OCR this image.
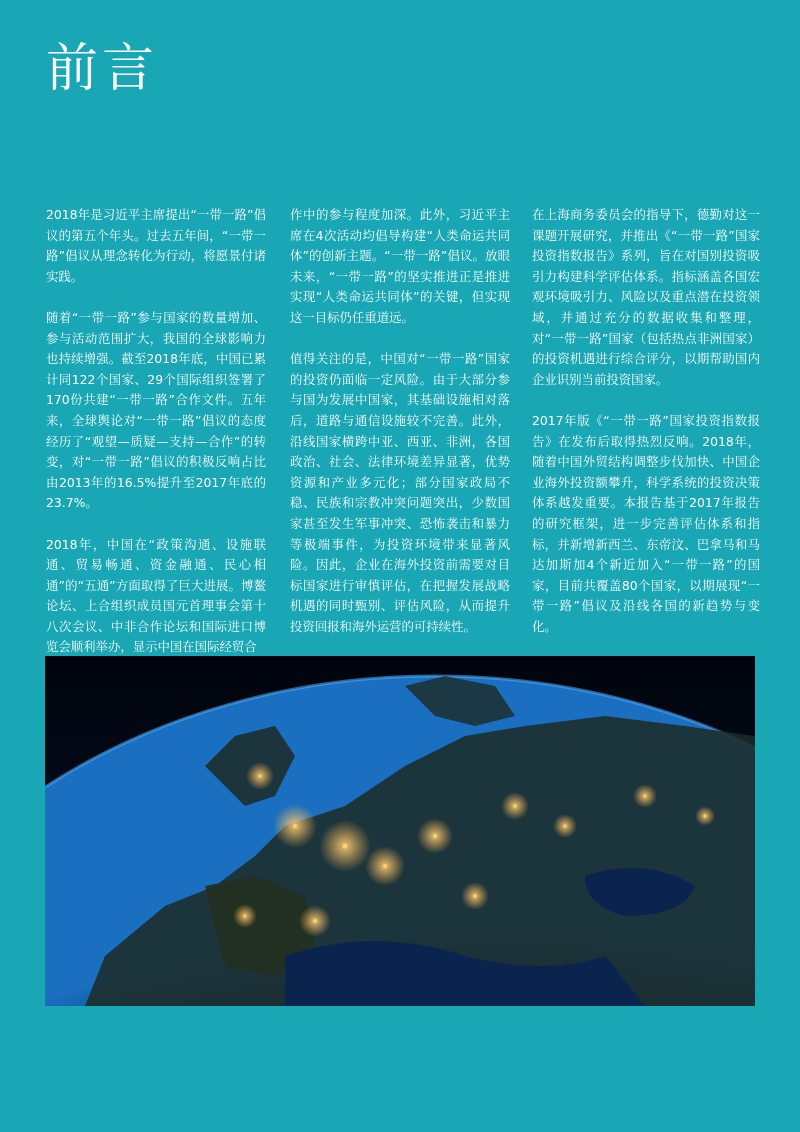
前言

2018年是习近平主席提出“一带一路”倡议的第五个年头。过去五年间，“一带一路”倡议从理念转化为行动，将愿景付诸实践。

随着“一带一路”参与国家的数量增加、参与活动范围扩大，我国的全球影响力也持续增强。截至2018年底，中国已累计同122个国家、29个国际组织签署了170份共建“一带一路”合作文件。五年来，全球舆论对“一带一路”倡议的态度经历了“观望—质疑—支持—合作”的转变，对“一带一路”倡议的积极反响占比由2013年的16.5%提升至2017年底的23.7%。

2018年，中国在“政策沟通、设施联通、贸易畅通、资金融通、民心相通”的“五通”方面取得了巨大进展。博鳌论坛、上合组织成员国元首理事会第十八次会议、中非合作论坛和国际进口博览会顺利举办，显示中国在国际经贸合

作中的参与程度加深。此外，习近平主席在4次活动均倡导构建“人类命运共同体”的创新主题。“一带一路”倡议。放眼未来，“一带一路”的坚实推进正是推进实现“人类命运共同体”的关键，但实现这一目标仍任重道远。

值得关注的是，中国对“一带一路”国家的投资仍面临一定风险。由于大部分参与国为发展中国家，其基础设施相对落后，道路与通信设施较不完善。此外，沿线国家横跨中亚、西亚、非洲，各国政治、社会、法律环境差异显著，优势资源和产业多元化；部分国家政局不稳、民族和宗教冲突问题突出，少数国家甚至发生军事冲突、恐怖袭击和暴力等极端事件，为投资环境带来显著风险。因此，企业在海外投资前需要对目标国家进行审慎评估，在把握发展战略机遇的同时甄别、评估风险，从而提升投资回报和海外运营的可持续性。

在上海商务委员会的指导下，德勤对这一课题开展研究，并推出《“一带一路”国家投资指数报告》系列，旨在对国别投资吸引力构建科学评估体系。指标涵盖各国宏观环境吸引力、风险以及重点潜在投资领域，并通过充分的数据收集和整理，对“一带一路”国家（包括热点非洲国家）的投资机遇进行综合评分，以期帮助国内企业识别当前投资国家。

2017年版《“一带一路”国家投资指数报告》在发布后取得热烈反响。2018年，随着中国外贸结构调整步伐加快、中国企业海外投资额攀升，科学系统的投资决策体系越发重要。本报告基于2017年报告的研究框架，进一步完善评估体系和指标，并新增新西兰、东帝汶、巴拿马和马达加斯加4个新近加入“一带一路”的国家，目前共覆盖80个国家，以期展现“一带一路”倡议及沿线各国的新趋势与变化。
